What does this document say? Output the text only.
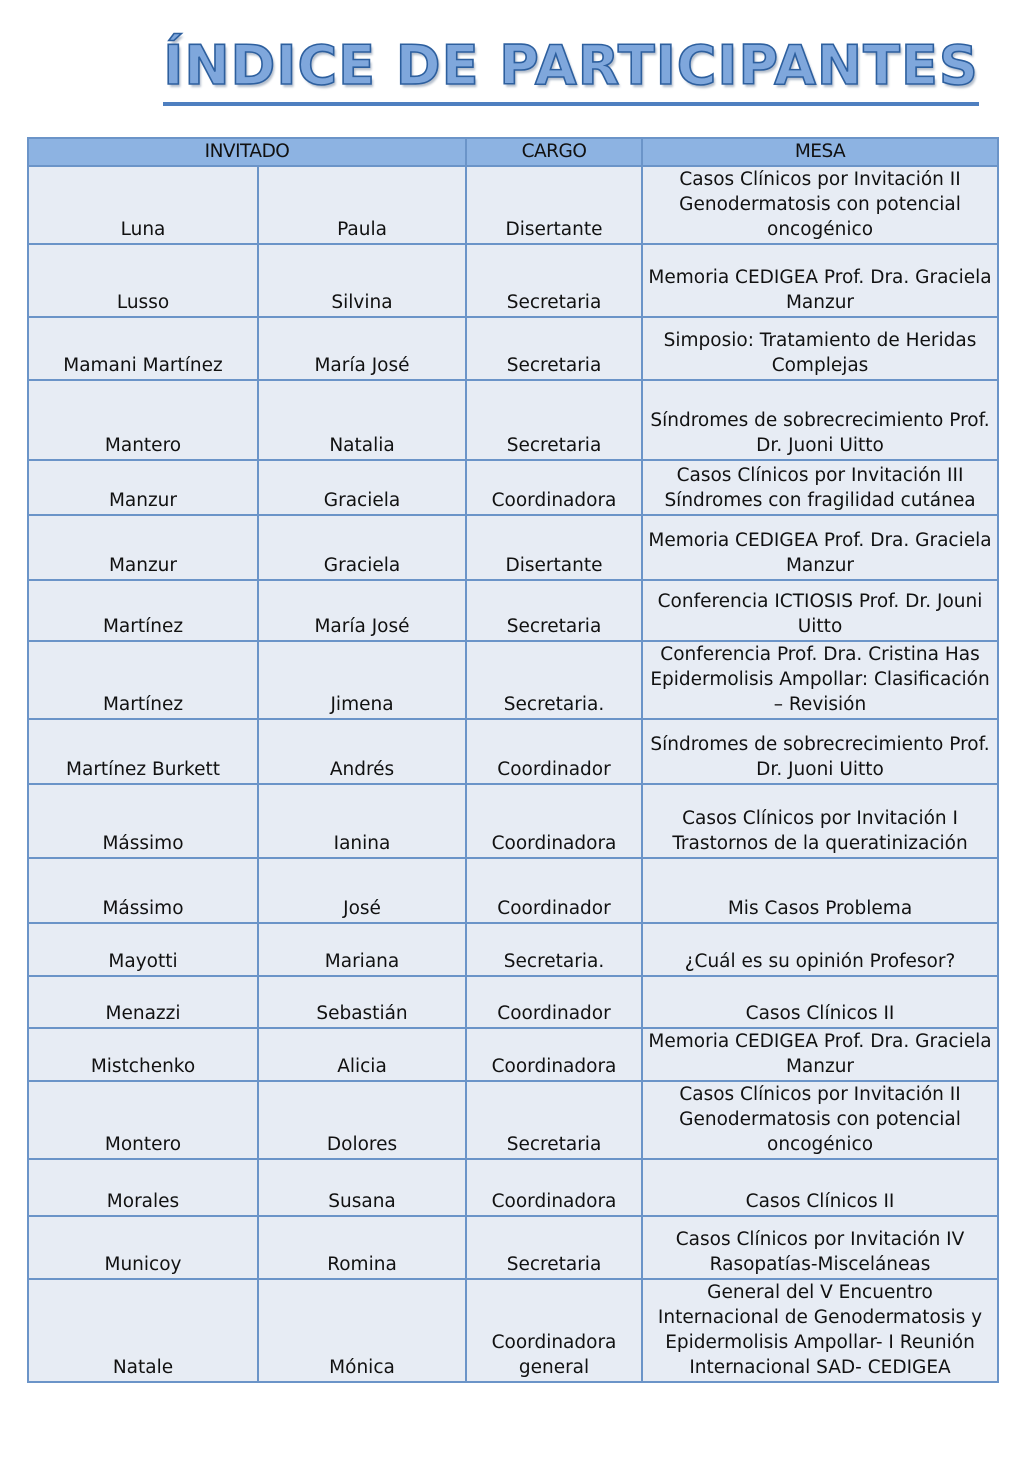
ÍNDICE DE PARTICIPANTES
INVITADO		CARGO	MESA
Luna	Paula	Disertante	Casos Clínicos por Invitación II Genodermatosis con potencial oncogénico
Lusso	Silvina	Secretaria	Memoria CEDIGEA Prof. Dra. Graciela Manzur
Mamani Martínez	María José	Secretaria	Simposio: Tratamiento de Heridas Complejas
Mantero	Natalia	Secretaria	Síndromes de sobrecrecimiento Prof. Dr. Juoni Uitto
Manzur	Graciela	Coordinadora	Casos Clínicos por Invitación III Síndromes con fragilidad cutánea
Manzur	Graciela	Disertante	Memoria CEDIGEA Prof. Dra. Graciela Manzur
Martínez	María José	Secretaria	Conferencia ICTIOSIS Prof. Dr. Jouni Uitto
Martínez	Jimena	Secretaria.	Conferencia Prof. Dra. Cristina Has Epidermolisis Ampollar: Clasificación – Revisión
Martínez Burkett	Andrés	Coordinador	Síndromes de sobrecrecimiento Prof. Dr. Juoni Uitto
Mássimo	Ianina	Coordinadora	Casos Clínicos por Invitación I Trastornos de la queratinización
Mássimo	José	Coordinador	Mis Casos Problema
Mayotti	Mariana	Secretaria.	¿Cuál es su opinión Profesor?
Menazzi	Sebastián	Coordinador	Casos Clínicos II
Mistchenko	Alicia	Coordinadora	Memoria CEDIGEA Prof. Dra. Graciela Manzur
Montero	Dolores	Secretaria	Casos Clínicos por Invitación II Genodermatosis con potencial oncogénico
Morales	Susana	Coordinadora	Casos Clínicos II
Municoy	Romina	Secretaria	Casos Clínicos por Invitación IV Rasopatías-Misceláneas
Natale	Mónica	Coordinadora general	General del V Encuentro Internacional de Genodermatosis y Epidermolisis Ampollar- I Reunión Internacional SAD- CEDIGEA
